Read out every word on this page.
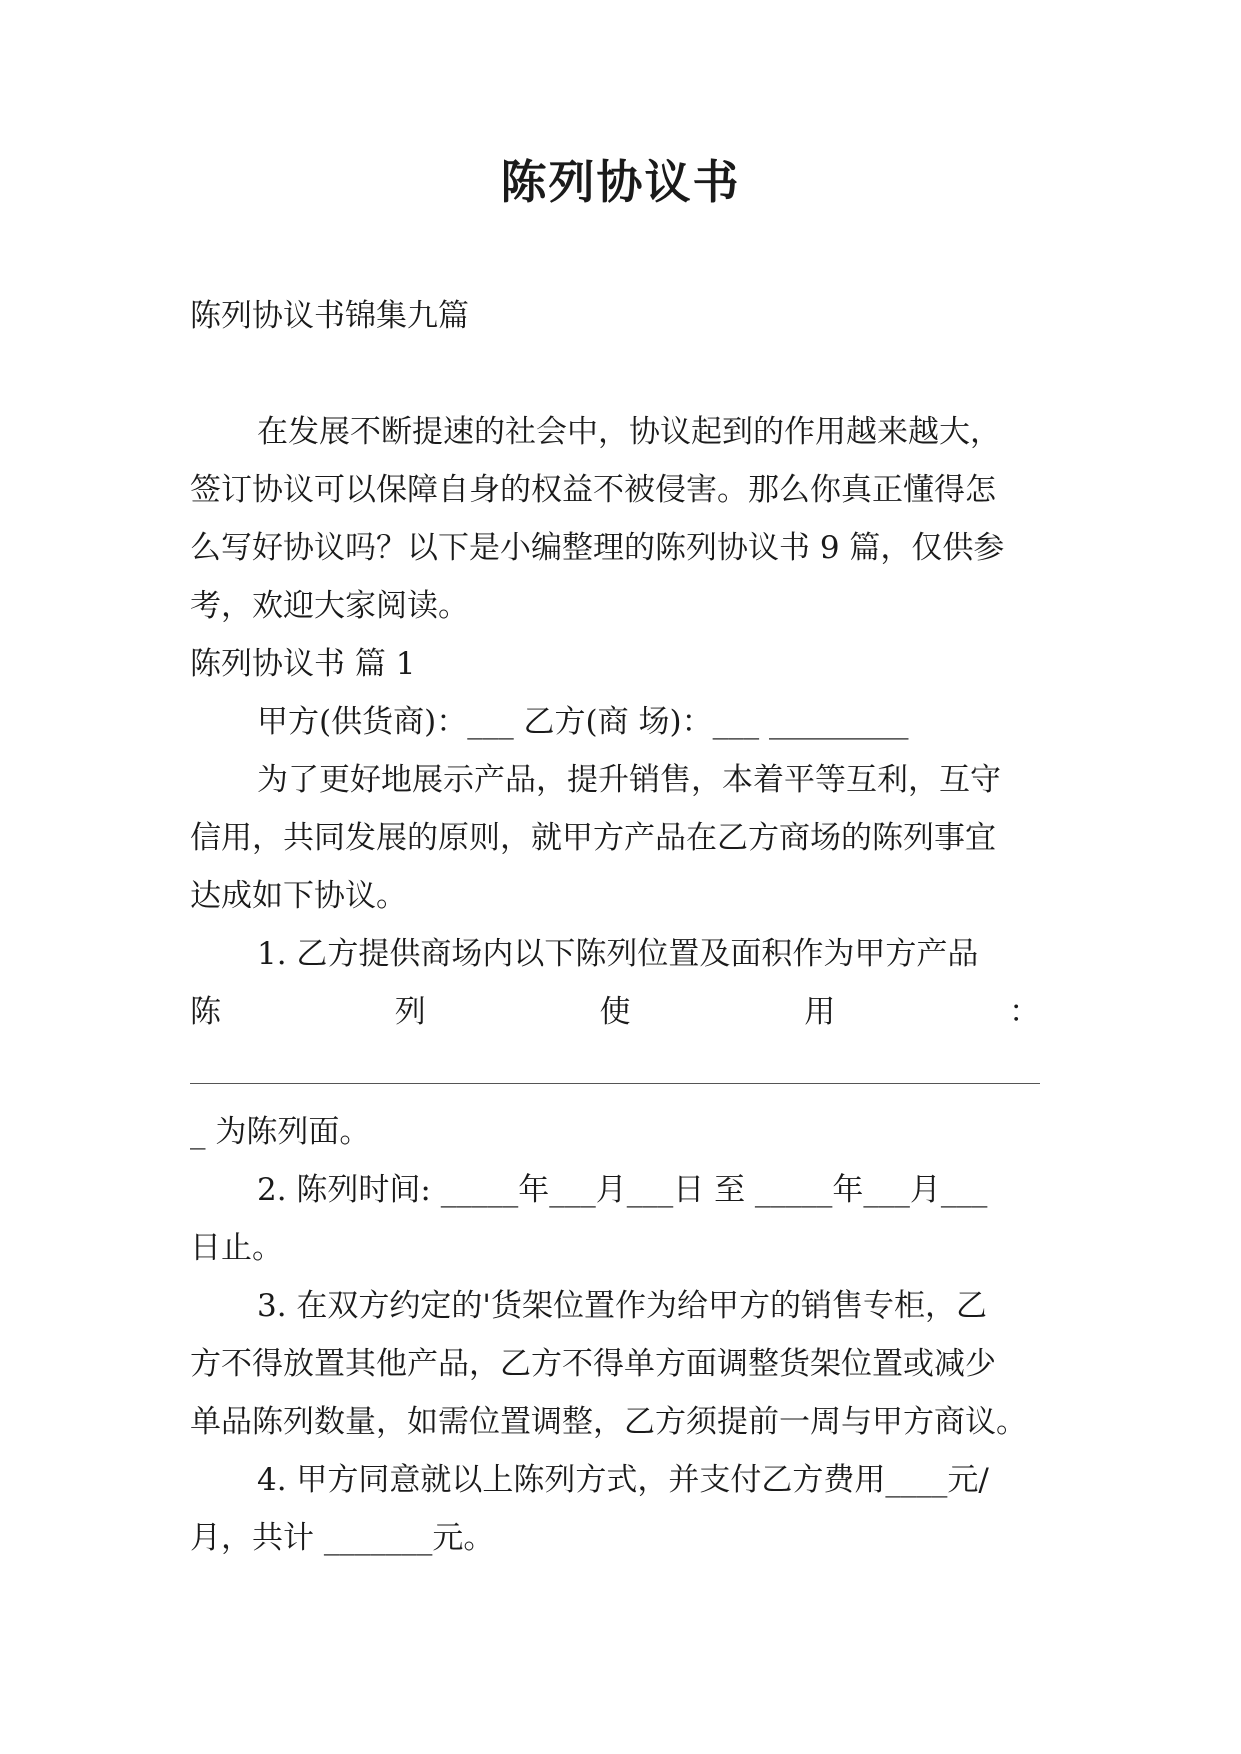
陈列协议书

陈列协议书锦集九篇

在发展不断提速的社会中，协议起到的作用越来越大，

签订协议可以保障自身的权益不被侵害。那么你真正懂得怎

么写好协议吗？以下是小编整理的陈列协议书 9 篇，仅供参

考，欢迎大家阅读。

陈列协议书 篇 1

甲方(供货商)：___ 乙方(商 场)：___ _________

为了更好地展示产品，提升销售，本着平等互利，互守

信用，共同发展的原则，就甲方产品在乙方商场的陈列事宜

达成如下协议。

1. 乙方提供商场内以下陈列位置及面积作为甲方产品

陈	列	使	用	：

_ 为陈列面。

2. 陈列时间: _____年___月___日 至 _____年___月___

日止。

3. 在双方约定的'货架位置作为给甲方的销售专柜，乙

方不得放置其他产品，乙方不得单方面调整货架位置或减少

单品陈列数量，如需位置调整，乙方须提前一周与甲方商议。

4. 甲方同意就以上陈列方式，并支付乙方费用____元/

月，共计 _______元。
